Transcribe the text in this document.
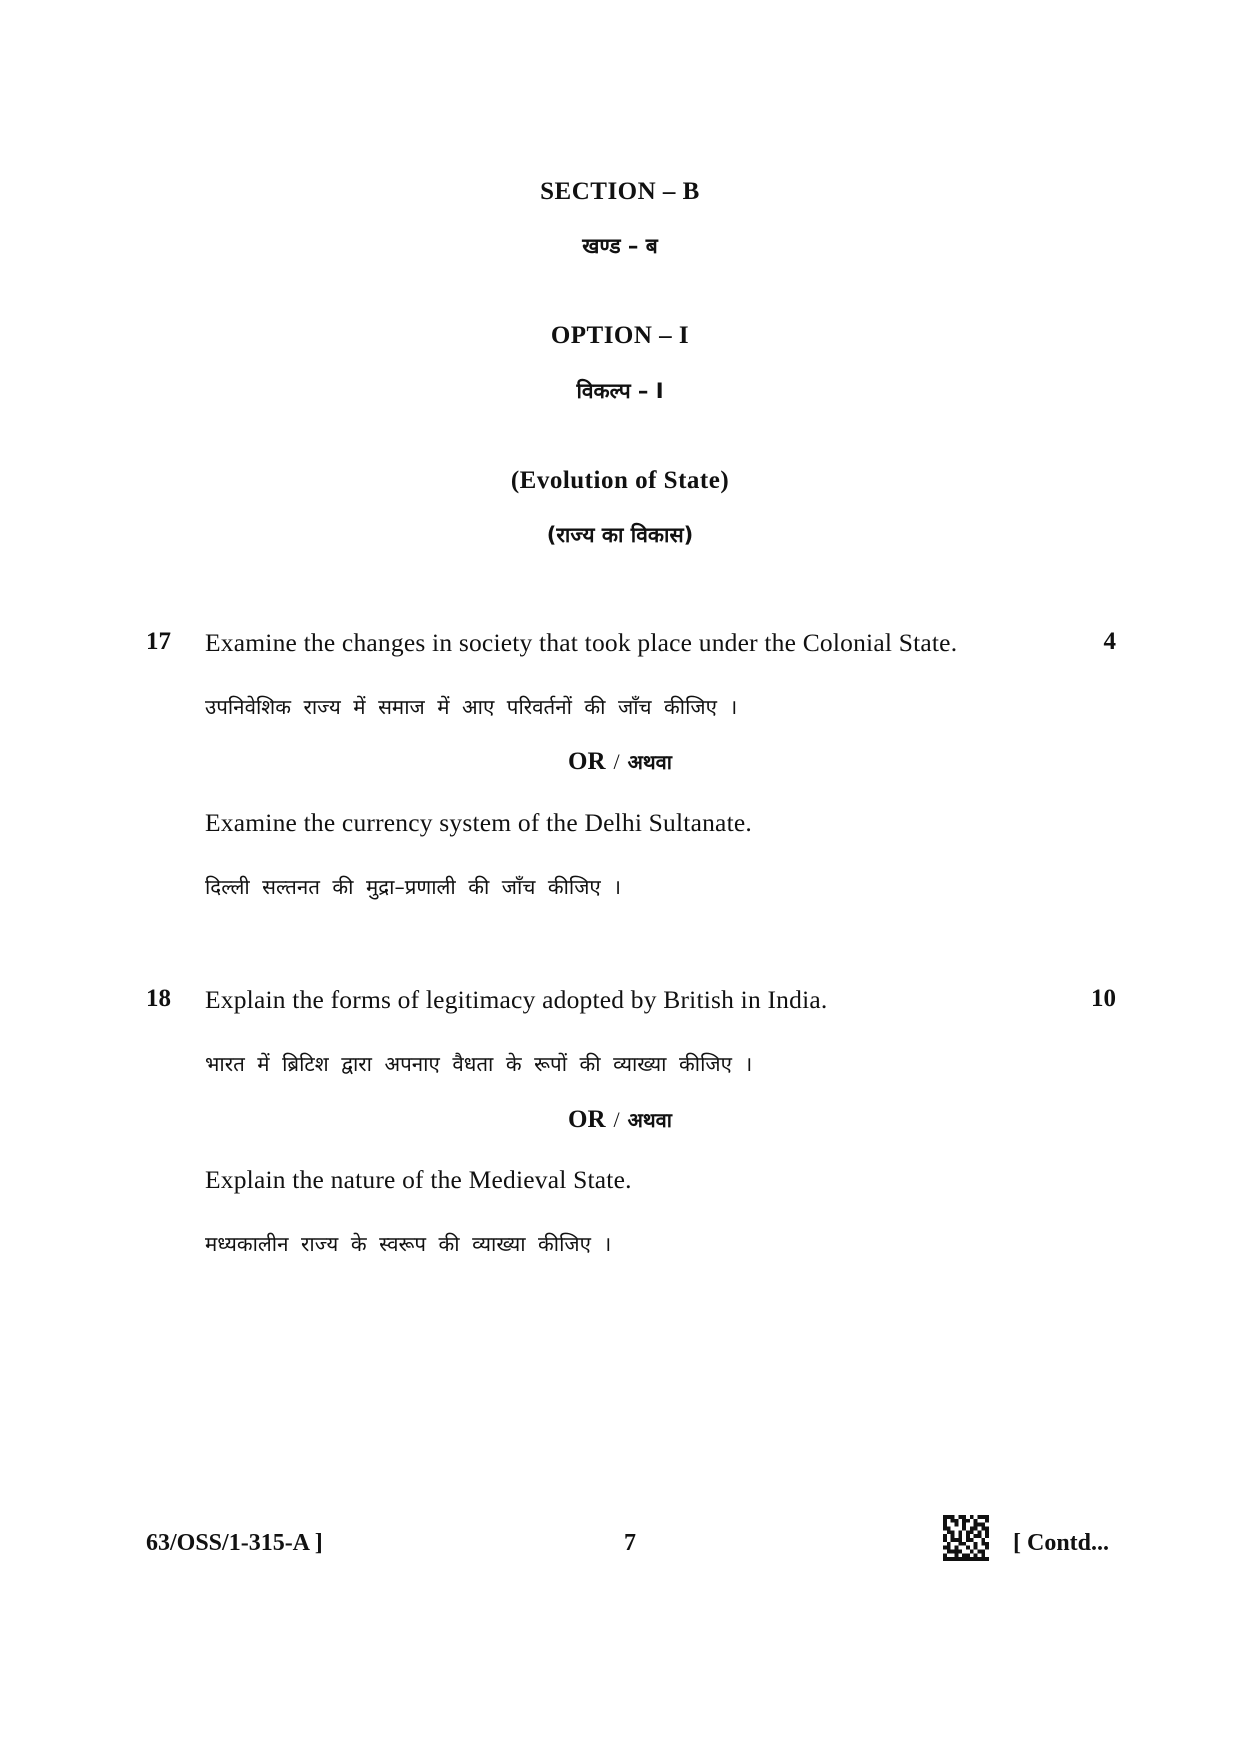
SECTION – B
खण्ड – ब
OPTION – I
विकल्प – I
(Evolution of State)
(राज्य का विकास)
17 Examine the changes in society that took place under the Colonial State.	4
उपनिवेशिक राज्य में समाज में आए परिवर्तनों की जाँच कीजिए ।
OR / अथवा
Examine the currency system of the Delhi Sultanate.
दिल्ली सल्तनत की मुद्रा–प्रणाली की जाँच कीजिए ।
18 Explain the forms of legitimacy adopted by British in India.	10
भारत में ब्रिटिश द्वारा अपनाए वैधता के रूपों की व्याख्या कीजिए ।
OR / अथवा
Explain the nature of the Medieval State.
मध्यकालीन राज्य के स्वरूप की व्याख्या कीजिए ।
63/OSS/1-315-A ]	7	[ Contd...
